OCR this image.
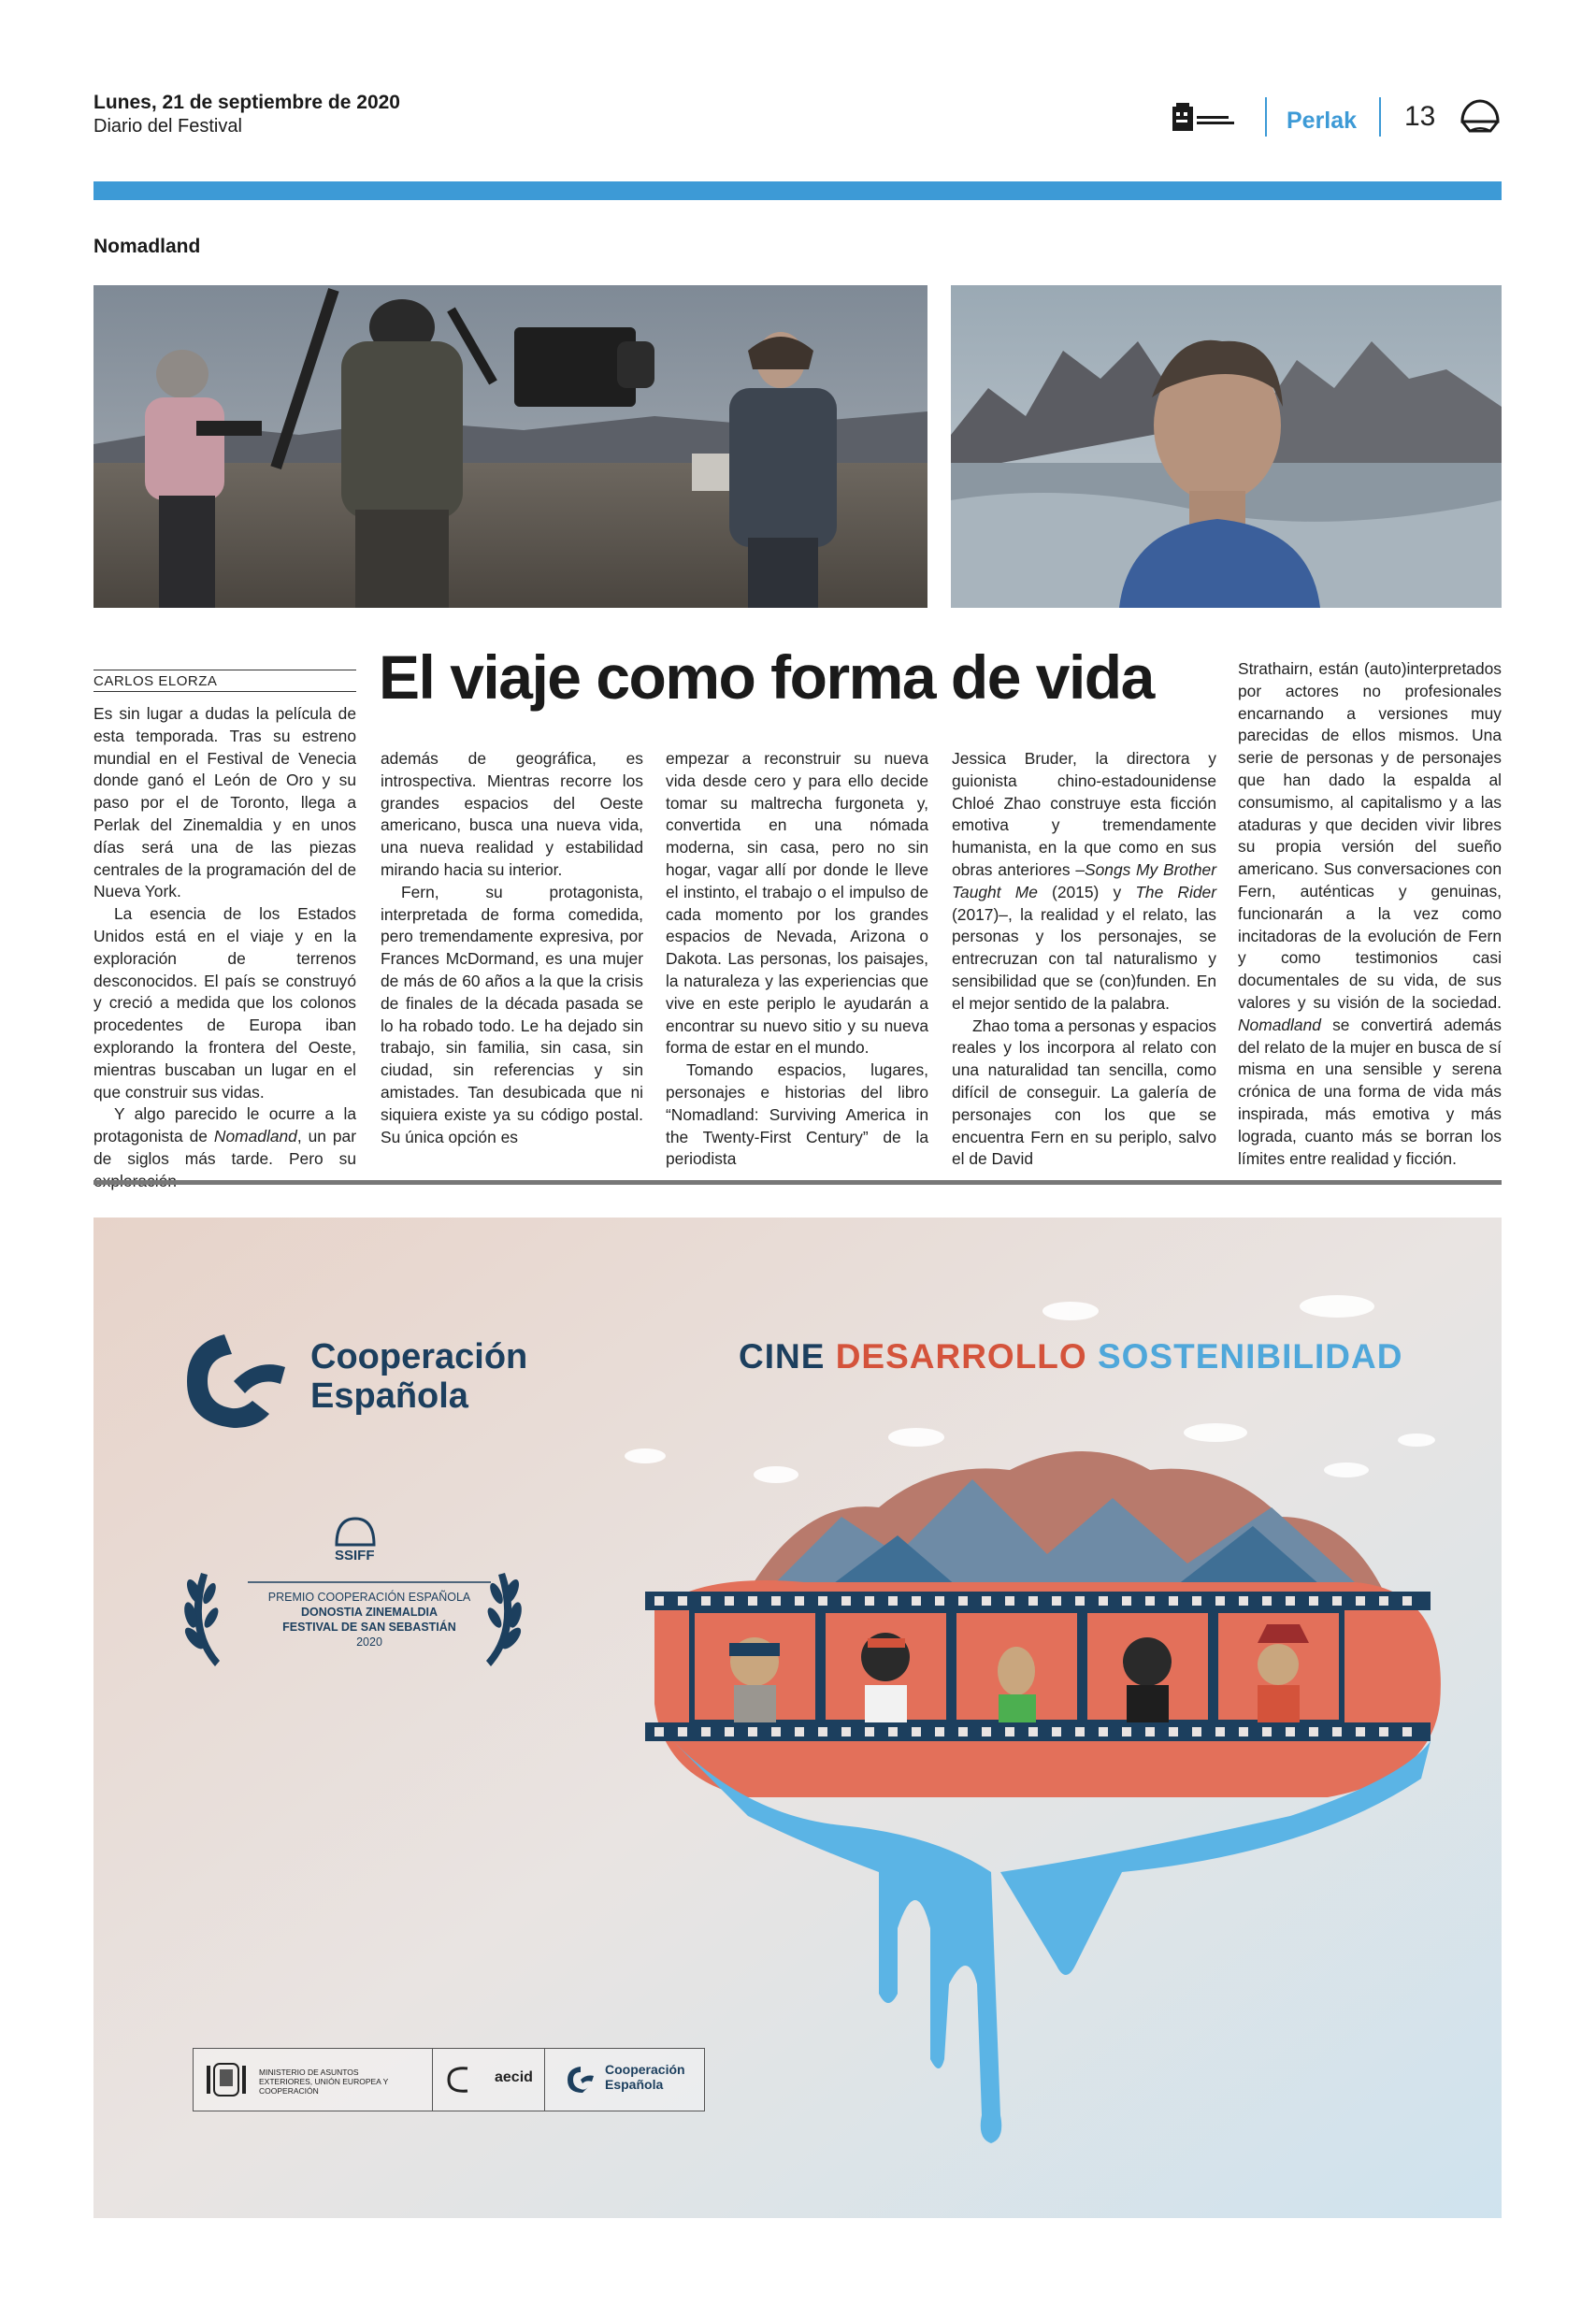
Lunes, 21 de septiembre de 2020
Diario del Festival	Perlak 13
Nomadland
CARLOS ELORZA	El viaje como forma de vida

Es sin lugar a dudas la película de esta temporada. Tras su estreno mundial en el Festival de Venecia donde ganó el León de Oro y su paso por el de Toronto, llega a Perlak del Zinemaldia y en unos días será una de las piezas centrales de la programación del de Nueva York.

La esencia de los Estados Unidos está en el viaje y en la exploración de terrenos desconocidos. El país se construyó y creció a medida que los colonos procedentes de Europa iban explorando la frontera del Oeste, mientras buscaban un lugar en el que construir sus vidas.

Y algo parecido le ocurre a la protagonista de Nomadland, un par de siglos más tarde. Pero su

además de geográfica, es introspectiva. Mientras recorre los grandes espacios del Oeste americano, busca una nueva vida, una nueva realidad y estabilidad mirando hacia su interior.

Fern, su protagonista, interpretada de forma comedida, pero tremendamente expresiva, por Frances McDormand, es una mujer de más de 60 años a la que la crisis de finales de la década pasada se lo ha robado todo. Le ha dejado sin trabajo, sin familia, sin casa, sin ciudad, sin referencias y sin amistades. Tan desubicada que ni siquiera existe ya su código postal. Su única opción es

empezar a reconstruir su nueva vida desde cero y para ello decide tomar su maltrecha furgoneta y, convertida en una nómada moderna, sin casa, pero no sin hogar, vagar allí por donde le lleve el instinto, el trabajo o el impulso de cada momento por los grandes espacios de Nevada, Arizona o Dakota. Las personas, los paisajes, la naturaleza y las experiencias que vive en este periplo le ayudarán a encontrar su nuevo sitio y su nueva forma de estar en el mundo.

Tomando espacios, lugares, personajes e historias del libro “Nomadland: Surviving America in the Twenty-First Century” de la periodista

Jessica Bruder, la directora y guionista chino-estadounidense Chloé Zhao construye esta ficción emotiva y tremendamente humanista, en la que como en sus obras anteriores –Songs My Brother Taught Me (2015) y The Rider (2017)–, la realidad y el relato, las personas y los personajes, se entrecruzan con tal naturalismo y sensibilidad que se (con)funden. En el mejor sentido de la palabra.

Zhao toma a personas y espacios reales y los incorpora al relato con una naturalidad tan sencilla, como difícil de conseguir. La galería de personajes con los que se encuentra Fern en su periplo, salvo el de David

Strathairn, están (auto)interpretados por actores no profesionales encarnando a versiones muy parecidas de ellos mismos. Una serie de personas y de personajes que han dado la espalda al consumismo, al capitalismo y a las ataduras y que deciden vivir libres su propia versión del sueño americano. Sus conversaciones con Fern, auténticas y genuinas, funcionarán a la vez como incitadoras de la evolución de Fern y como testimonios casi documentales de su vida, de sus valores y su visión de la sociedad. Nomadland se convertirá además del relato de la mujer en busca de sí misma en una sensible y serena crónica de una forma de vida más inspirada, más emotiva y más lograda, cuanto más se borran los límites entre realidad y ficción.

CINE DESARROLLO SOSTENIBILIDAD
Cooperación
Española
SSIFF
PREMIO COOPERACIÓN ESPAÑOLA
DONOSTIA ZINEMALDIA
FESTIVAL DE SAN SEBASTIÁN
2020
MINISTERIO DE ASUNTOS EXTERIORES, UNIÓN EUROPEA Y COOPERACIÓN
aecid	Cooperación
Española
